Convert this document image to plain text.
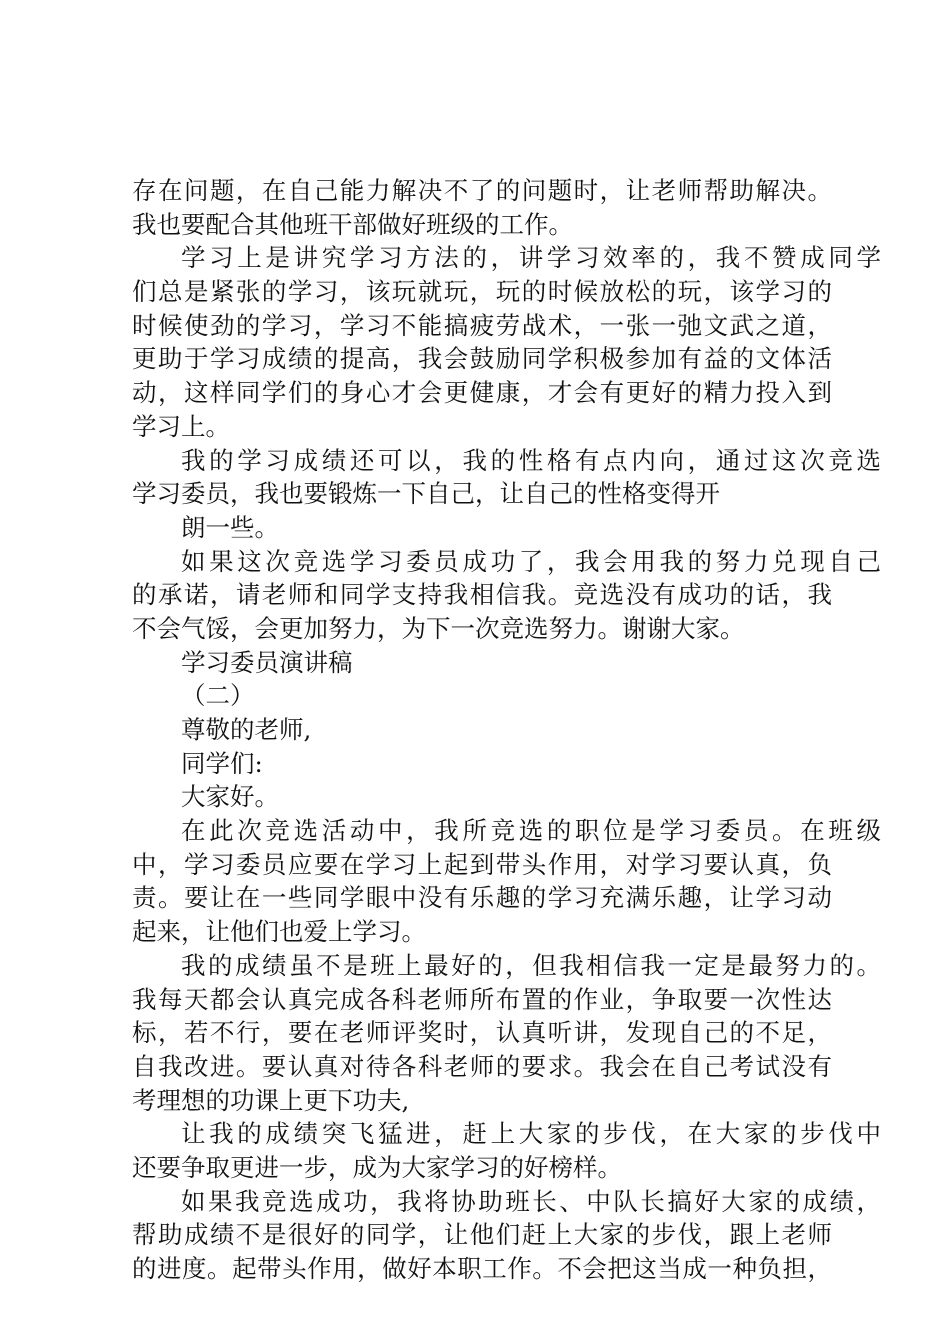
存在问题，在自己能力解决不了的问题时，让老师帮助解决。
我也要配合其他班干部做好班级的工作。
学习上是讲究学习方法的，讲学习效率的，我不赞成同学
们总是紧张的学习，该玩就玩，玩的时候放松的玩，该学习的
时候使劲的学习，学习不能搞疲劳战术，一张一弛文武之道，
更助于学习成绩的提高，我会鼓励同学积极参加有益的文体活
动，这样同学们的身心才会更健康，才会有更好的精力投入到
学习上。
我的学习成绩还可以，我的性格有点内向，通过这次竞选
学习委员，我也要锻炼一下自己，让自己的性格变得开
朗一些。
如果这次竞选学习委员成功了，我会用我的努力兑现自己
的承诺，请老师和同学支持我相信我。竞选没有成功的话，我
不会气馁，会更加努力，为下一次竞选努力。谢谢大家。
学习委员演讲稿
（二）
尊敬的老师,
同学们:
大家好。
在此次竞选活动中，我所竞选的职位是学习委员。在班级
中，学习委员应要在学习上起到带头作用，对学习要认真，负
责。要让在一些同学眼中没有乐趣的学习充满乐趣，让学习动
起来，让他们也爱上学习。
我的成绩虽不是班上最好的，但我相信我一定是最努力的。
我每天都会认真完成各科老师所布置的作业，争取要一次性达
标，若不行，要在老师评奖时，认真听讲，发现自己的不足，
自我改进。要认真对待各科老师的要求。我会在自己考试没有
考理想的功课上更下功夫,
让我的成绩突飞猛进，赶上大家的步伐，在大家的步伐中
还要争取更进一步，成为大家学习的好榜样。
如果我竞选成功，我将协助班长、中队长搞好大家的成绩，
帮助成绩不是很好的同学，让他们赶上大家的步伐，跟上老师
的进度。起带头作用，做好本职工作。不会把这当成一种负担，
